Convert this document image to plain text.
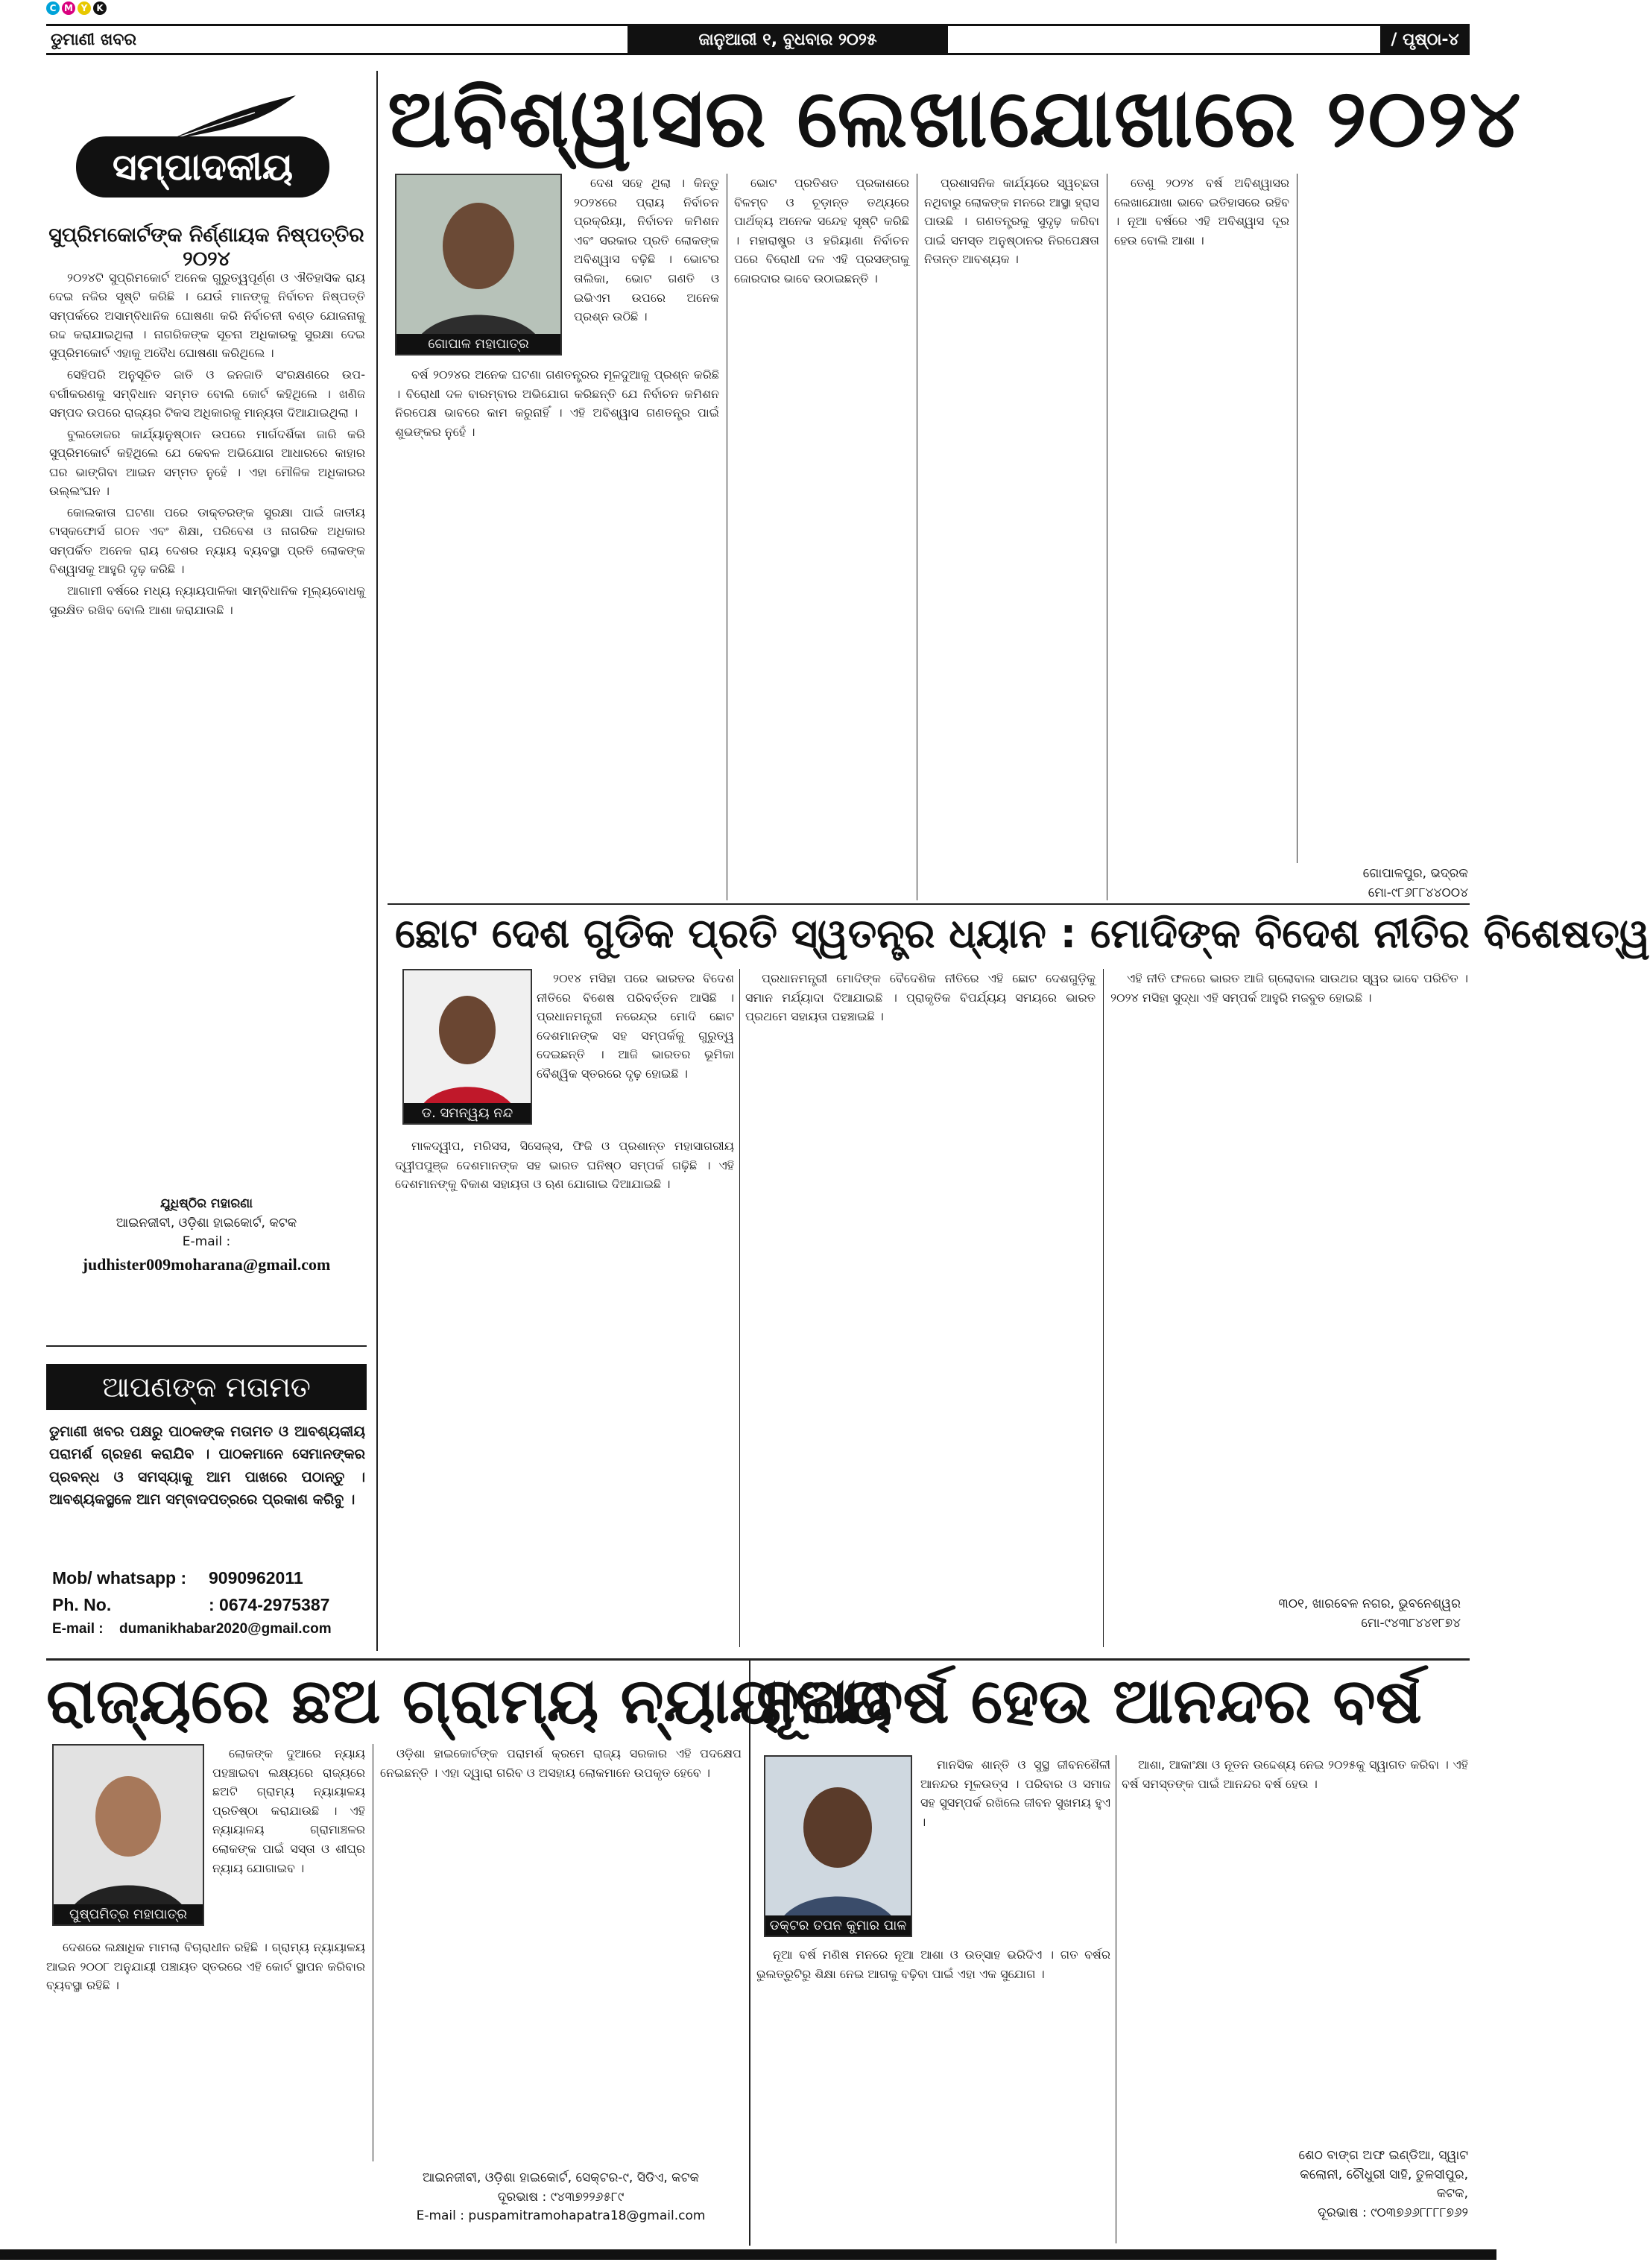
C M Y	K
ଡୁମାଣୀ ଖବର	ଜାନୁଆରୀ ୧, ବୁଧବାର ୨୦୨୫	/ ପୃଷ୍ଠା-୪
ସମ୍ପାଦକୀୟ
ସୁପ୍ରିମକୋର୍ଟଙ୍କ ନିର୍ଣ୍ଣାୟକ ନିଷ୍ପତ୍ତିର ୨୦୨୪

୨୦୨୪ଟି ସୁପ୍ରିମକୋର୍ଟ ଅନେକ ଗୁରୁତ୍ୱପୂର୍ଣ୍ଣ ଓ ଐତିହାସିକ ରାୟ ଦେଇ ନଜିର ସୃଷ୍ଟି କରିଛି । ଯେଉଁ ମାନଙ୍କୁ ନିର୍ବାଚନ ନିଷ୍ପତ୍ତି ସମ୍ପର୍କରେ ଅସାମ୍ବିଧାନିକ ଘୋଷଣା କରି ନିର୍ବାଚନୀ ବଣ୍ଡ ଯୋଜନାକୁ ରଦ୍ଦ କରାଯାଇଥିଲା । ନାଗରିକଙ୍କ ସୂଚନା ଅଧିକାରକୁ ସୁରକ୍ଷା ଦେଇ ସୁପ୍ରିମକୋର୍ଟ ଏହାକୁ ଅବୈଧ ଘୋଷଣା କରିଥିଲେ ।

ସେହିପରି ଅନୁସୂଚିତ ଜାତି ଓ ଜନଜାତି ସଂରକ୍ଷଣରେ ଉପ-ବର୍ଗୀକରଣକୁ ସମ୍ବିଧାନ ସମ୍ମତ ବୋଲି କୋର୍ଟ କହିଥିଲେ । ଖଣିଜ ସମ୍ପଦ ଉପରେ ରାଜ୍ୟର ଟିକସ ଅଧିକାରକୁ ମାନ୍ୟତା ଦିଆଯାଇଥିଲା ।

ବୁଲଡୋଜର କାର୍ଯ୍ୟାନୁଷ୍ଠାନ ଉପରେ ମାର୍ଗଦର୍ଶିକା ଜାରି କରି ସୁପ୍ରିମକୋର୍ଟ କହିଥିଲେ ଯେ କେବଳ ଅଭିଯୋଗ ଆଧାରରେ କାହାର ଘର ଭାଙ୍ଗିବା ଆଇନ ସମ୍ମତ ନୁହେଁ । ଏହା ମୌଳିକ ଅଧିକାରର ଉଲ୍ଲଂଘନ ।

କୋଲକାତା ଘଟଣା ପରେ ଡାକ୍ତରଙ୍କ ସୁରକ୍ଷା ପାଇଁ ଜାତୀୟ ଟାସ୍କଫୋର୍ସ ଗଠନ ଏବଂ ଶିକ୍ଷା, ପରିବେଶ ଓ ନାଗରିକ ଅଧିକାର ସମ୍ପର୍କିତ ଅନେକ ରାୟ ଦେଶର ନ୍ୟାୟ ବ୍ୟବସ୍ଥା ପ୍ରତି ଲୋକଙ୍କ ବିଶ୍ୱାସକୁ ଆହୁରି ଦୃଢ଼ କରିଛି ।

ଆଗାମୀ ବର୍ଷରେ ମଧ୍ୟ ନ୍ୟାୟପାଳିକା ସାମ୍ବିଧାନିକ ମୂଲ୍ୟବୋଧକୁ ସୁରକ୍ଷିତ ରଖିବ ବୋଲି ଆଶା କରାଯାଉଛି ।

ଯୁଧିଷ୍ଠିର ମହାରଣା
ଆଇନଜୀବୀ, ଓଡ଼ିଶା ହାଇକୋର୍ଟ, କଟକ
E-mail :
judhister009moharana@gmail.com
ଆପଣଙ୍କ ମତାମତ
ଡୁମାଣୀ ଖବର ପକ୍ଷରୁ ପାଠକଙ୍କ ମତାମତ ଓ ଆବଶ୍ୟକୀୟ ପରାମର୍ଶ ଗ୍ରହଣ କରାଯିବ । ପାଠକମାନେ ସେମାନଙ୍କର ପ୍ରବନ୍ଧ ଓ ସମସ୍ୟାକୁ ଆମ ପାଖରେ ପଠାନ୍ତୁ । ଆବଶ୍ୟକସ୍ଥଳେ ଆମ ସମ୍ବାଦପତ୍ରରେ ପ୍ରକାଶ କରିବୁ ।
Mob/ whatsapp :	9090962011
Ph. No.	: 0674-2975387
E-mail :	dumanikhabar2020@gmail.com
ଅବିଶ୍ୱାସର ଲେଖାଯୋଖାରେ ୨୦୨୪
ଗୋପାଳ ମହାପାତ୍ର

ଦେଶ ସହେ ଥିଲା । କିନ୍ତୁ ୨୦୨୪ରେ ପ୍ରାୟ ନିର୍ବାଚନ ପ୍ରକ୍ରିୟା, ନିର୍ବାଚନ କମିଶନ ଏବଂ ସରକାର ପ୍ରତି ଲୋକଙ୍କ ଅବିଶ୍ୱାସ ବଢ଼ିଛି । ଭୋଟର ତାଲିକା, ଭୋଟ ଗଣତି ଓ ଇଭିଏମ ଉପରେ ଅନେକ ପ୍ରଶ୍ନ ଉଠିଛି ।

ବର୍ଷ ୨୦୨୪ର ଅନେକ ଘଟଣା ଗଣତନ୍ତ୍ରର ମୂଳଦୁଆକୁ ପ୍ରଶ୍ନ କରିଛି । ବିରୋଧୀ ଦଳ ବାରମ୍ବାର ଅଭିଯୋଗ କରିଛନ୍ତି ଯେ ନିର୍ବାଚନ କମିଶନ ନିରପେକ୍ଷ ଭାବରେ କାମ କରୁନାହିଁ । ଏହି ଅବିଶ୍ୱାସ ଗଣତନ୍ତ୍ର ପାଇଁ ଶୁଭଙ୍କର ନୁହେଁ ।

ଭୋଟ ପ୍ରତିଶତ ପ୍ରକାଶରେ ବିଳମ୍ବ ଓ ଚୂଡ଼ାନ୍ତ ତଥ୍ୟରେ ପାର୍ଥକ୍ୟ ଅନେକ ସନ୍ଦେହ ସୃଷ୍ଟି କରିଛି । ମହାରାଷ୍ଟ୍ର ଓ ହରିୟାଣା ନିର୍ବାଚନ ପରେ ବିରୋଧୀ ଦଳ ଏହି ପ୍ରସଙ୍ଗକୁ ଜୋରଦାର ଭାବେ ଉଠାଇଛନ୍ତି ।

ପ୍ରଶାସନିକ କାର୍ଯ୍ୟରେ ସ୍ୱଚ୍ଛତା ନଥିବାରୁ ଲୋକଙ୍କ ମନରେ ଆସ୍ଥା ହ୍ରାସ ପାଉଛି । ଗଣତନ୍ତ୍ରକୁ ସୁଦୃଢ଼ କରିବା ପାଇଁ ସମସ୍ତ ଅନୁଷ୍ଠାନର ନିରପେକ୍ଷତା ନିତାନ୍ତ ଆବଶ୍ୟକ ।

ତେଣୁ ୨୦୨୪ ବର୍ଷ ଅବିଶ୍ୱାସର ଲେଖାଯୋଖା ଭାବେ ଇତିହାସରେ ରହିବ । ନୂଆ ବର୍ଷରେ ଏହି ଅବିଶ୍ୱାସ ଦୂର ହେଉ ବୋଲି ଆଶା ।

ଗୋପାଳପୁର, ଭଦ୍ରକ
ମୋ-୯୮୬୮୮୪୪୦୦୪
ଛୋଟ ଦେଶ ଗୁଡିକ ପ୍ରତି ସ୍ୱତନ୍ତ୍ର ଧ୍ୟାନ : ମୋଦିଙ୍କ ବିଦେଶ ନୀତିର ବିଶେଷତ୍ୱ
ଡ. ସମନ୍ୱୟ ନନ୍ଦ

୨୦୧୪ ମସିହା ପରେ ଭାରତର ବିଦେଶ ନୀତିରେ ବିଶେଷ ପରିବର୍ତ୍ତନ ଆସିଛି । ପ୍ରଧାନମନ୍ତ୍ରୀ ନରେନ୍ଦ୍ର ମୋଦି ଛୋଟ ଦେଶମାନଙ୍କ ସହ ସମ୍ପର୍କକୁ ଗୁରୁତ୍ୱ ଦେଇଛନ୍ତି । ଆଜି ଭାରତର ଭୂମିକା ବୈଶ୍ୱିକ ସ୍ତରରେ ଦୃଢ଼ ହୋଇଛି ।

ମାଳଦ୍ୱୀପ, ମରିସସ, ସିସେଲ୍ସ, ଫିଜି ଓ ପ୍ରଶାନ୍ତ ମହାସାଗରୀୟ ଦ୍ୱୀପପୁଞ୍ଜ ଦେଶମାନଙ୍କ ସହ ଭାରତ ଘନିଷ୍ଠ ସମ୍ପର୍କ ଗଢ଼ିଛି । ଏହି ଦେଶମାନଙ୍କୁ ବିକାଶ ସହାୟତା ଓ ଋଣ ଯୋଗାଇ ଦିଆଯାଇଛି ।

ପ୍ରଧାନମନ୍ତ୍ରୀ ମୋଦିଙ୍କ ବୈଦେଶିକ ନୀତିରେ ଏହି ଛୋଟ ଦେଶଗୁଡ଼ିକୁ ସମାନ ମର୍ଯ୍ୟାଦା ଦିଆଯାଇଛି । ପ୍ରାକୃତିକ ବିପର୍ଯ୍ୟୟ ସମୟରେ ଭାରତ ପ୍ରଥମେ ସହାୟତା ପହଞ୍ଚାଇଛି ।

ଏହି ନୀତି ଫଳରେ ଭାରତ ଆଜି ଗ୍ଲୋବାଲ ସାଉଥର ସ୍ୱର ଭାବେ ପରିଚିତ । ୨୦୨୪ ମସିହା ସୁଦ୍ଧା ଏହି ସମ୍ପର୍କ ଆହୁରି ମଜବୁତ ହୋଇଛି ।

୩୦୧, ଖାରବେଳ ନଗର, ଭୁବନେଶ୍ୱର
ମୋ-୯୪୩୮୪୪୧୮୭୪
ରାଜ୍ୟରେ ଛଅ ଗ୍ରାମ୍ୟ ନ୍ୟାୟାଳୟ
ପୁଷ୍ପମିତ୍ର ମହାପାତ୍ର

ଲୋକଙ୍କ ଦୁଆରେ ନ୍ୟାୟ ପହଞ୍ଚାଇବା ଲକ୍ଷ୍ୟରେ ରାଜ୍ୟରେ ଛଅଟି ଗ୍ରାମ୍ୟ ନ୍ୟାୟାଳୟ ପ୍ରତିଷ୍ଠା କରାଯାଉଛି । ଏହି ନ୍ୟାୟାଳୟ ଗ୍ରାମାଞ୍ଚଳର ଲୋକଙ୍କ ପାଇଁ ସସ୍ତା ଓ ଶୀଘ୍ର ନ୍ୟାୟ ଯୋଗାଇବ ।

ଦେଶରେ ଲକ୍ଷାଧିକ ମାମଲା ବିଚାରାଧୀନ ରହିଛି । ଗ୍ରାମ୍ୟ ନ୍ୟାୟାଳୟ ଆଇନ ୨୦୦୮ ଅନୁଯାୟୀ ପଞ୍ଚାୟତ ସ୍ତରରେ ଏହି କୋର୍ଟ ସ୍ଥାପନ କରିବାର ବ୍ୟବସ୍ଥା ରହିଛି ।

ଓଡ଼ିଶା ହାଇକୋର୍ଟଙ୍କ ପରାମର୍ଶ କ୍ରମେ ରାଜ୍ୟ ସରକାର ଏହି ପଦକ୍ଷେପ ନେଇଛନ୍ତି । ଏହା ଦ୍ୱାରା ଗରିବ ଓ ଅସହାୟ ଲୋକମାନେ ଉପକୃତ ହେବେ ।

ଆଇନଜୀବୀ, ଓଡ଼ିଶା ହାଇକୋର୍ଟ, ସେକ୍ଟର-୯, ସିଡିଏ, କଟକ
ଦୂରଭାଷ : ୯୪୩୭୨୨୬୫୮୯
E-mail : puspamitramohapatra18@gmail.com
ନୂଆବର୍ଷ ହେଉ ଆନନ୍ଦର ବର୍ଷ
ଡକ୍ଟର ତପନ କୁମାର ପାଳ

ନୂଆ ବର୍ଷ ମଣିଷ ମନରେ ନୂଆ ଆଶା ଓ ଉତ୍ସାହ ଭରିଦିଏ । ଗତ ବର୍ଷର ଭୁଲତ୍ରୁଟିରୁ ଶିକ୍ଷା ନେଇ ଆଗକୁ ବଢ଼ିବା ପାଇଁ ଏହା ଏକ ସୁଯୋଗ ।

ମାନସିକ ଶାନ୍ତି ଓ ସୁସ୍ଥ ଜୀବନଶୈଳୀ ଆନନ୍ଦର ମୂଳଉତ୍ସ । ପରିବାର ଓ ସମାଜ ସହ ସୁସମ୍ପର୍କ ରଖିଲେ ଜୀବନ ସୁଖମୟ ହୁଏ ।

ଆଶା, ଆକାଂକ୍ଷା ଓ ନୂତନ ଉଦ୍ଦେଶ୍ୟ ନେଇ ୨୦୨୫କୁ ସ୍ୱାଗତ କରିବା । ଏହି ବର୍ଷ ସମସ୍ତଙ୍କ ପାଇଁ ଆନନ୍ଦର ବର୍ଷ ହେଉ ।

ଶେଠ ବାଙ୍ଗ ଅଫ ଇଣ୍ଡିଆ, ସ୍ୱାଟ କଲୋନୀ, ଚୌଧୁରୀ ସାହି, ତୁଳସୀପୁର, କଟକ,
ଦୂରଭାଷ : ୯୦୩୭୬୬୮୮୮୮୭୬୨
